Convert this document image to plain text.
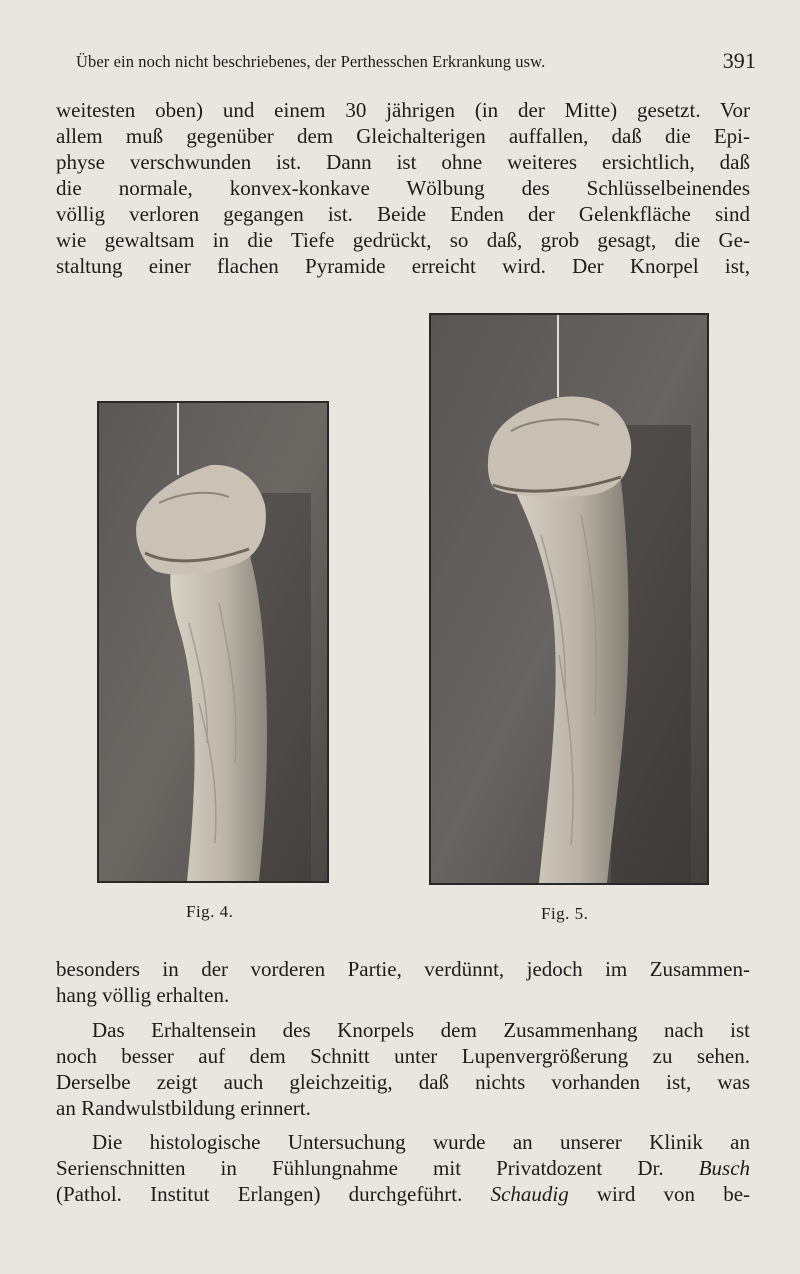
Über ein noch nicht beschriebenes, der Perthesschen Erkrankung usw.	391
weitesten oben) und einem 30 jährigen (in der Mitte) gesetzt. Vor
allem muß gegenüber dem Gleichalterigen auffallen, daß die Epi-
physe verschwunden ist. Dann ist ohne weiteres ersichtlich, daß
die normale, konvex-konkave Wölbung des Schlüsselbeinendes
völlig verloren gegangen ist. Beide Enden der Gelenkfläche sind
wie gewaltsam in die Tiefe gedrückt, so daß, grob gesagt, die Ge-
staltung einer flachen Pyramide erreicht wird. Der Knorpel ist,
Fig. 4.	Fig. 5.
besonders in der vorderen Partie, verdünnt, jedoch im Zusammen-
hang völlig erhalten.
Das Erhaltensein des Knorpels dem Zusammenhang nach ist
noch besser auf dem Schnitt unter Lupenvergrößerung zu sehen.
Derselbe zeigt auch gleichzeitig, daß nichts vorhanden ist, was
an Randwulstbildung erinnert.
Die histologische Untersuchung wurde an unserer Klinik an
Serienschnitten in Fühlungnahme mit Privatdozent Dr. Busch
(Pathol. Institut Erlangen) durchgeführt. Schaudig wird von be-
